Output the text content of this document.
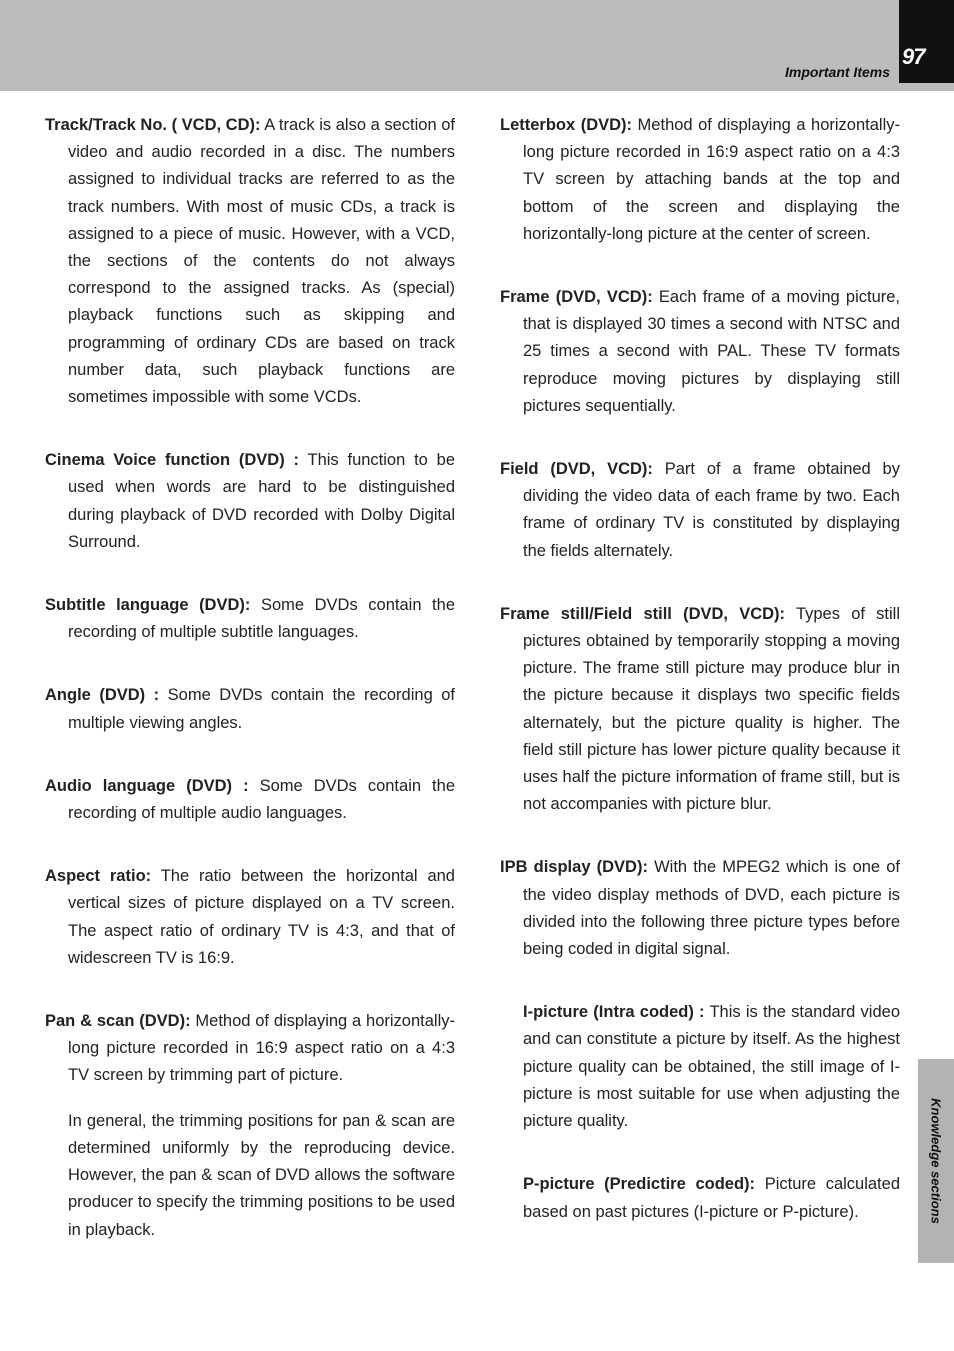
Important Items
97
Knowledge sections

Track/Track No. ( VCD, CD): A track is also a section of video and audio recorded in a disc. The numbers assigned to individual tracks are referred to as the track numbers. With most of music CDs, a track is assigned to a piece of music. However, with a VCD, the sections of the contents do not always correspond to the assigned tracks. As (special) playback functions such as skipping and programming of ordinary CDs are based on track number data, such playback functions are sometimes impossible with some VCDs.

Cinema Voice function (DVD) : This function to be used when words are hard to be distinguished during playback of DVD recorded with Dolby Digital Surround.

Subtitle language (DVD): Some DVDs contain the recording of multiple subtitle languages.

Angle (DVD) : Some DVDs contain the recording of multiple viewing angles.

Audio language (DVD) : Some DVDs contain the recording of multiple audio languages.

Aspect ratio: The ratio between the horizontal and vertical sizes of picture displayed on a TV screen. The aspect ratio of ordinary TV is 4:3, and that of widescreen TV is 16:9.

Pan & scan (DVD): Method of displaying a horizontally-long picture recorded in 16:9 aspect ratio on a 4:3 TV screen by trimming part of picture.

In general, the trimming positions for pan & scan are determined uniformly by the reproducing device. However, the pan & scan of DVD allows the software producer to specify the trimming positions to be used in playback.

Letterbox (DVD): Method of displaying a horizontally-long picture recorded in 16:9 aspect ratio on a 4:3 TV screen by attaching bands at the top and bottom of the screen and displaying the horizontally-long picture at the center of screen.

Frame (DVD, VCD): Each frame of a moving picture, that is displayed 30 times a second with NTSC and 25 times a second with PAL. These TV formats reproduce moving pictures by displaying still pictures sequentially.

Field (DVD, VCD): Part of a frame obtained by dividing the video data of each frame by two. Each frame of ordinary TV is constituted by displaying the fields alternately.

Frame still/Field still (DVD, VCD): Types of still pictures obtained by temporarily stopping a moving picture. The frame still picture may produce blur in the picture because it displays two specific fields alternately, but the picture quality is higher. The field still picture has lower picture quality because it uses half the picture information of frame still, but is not accompanies with picture blur.

IPB display (DVD): With the MPEG2 which is one of the video display methods of DVD, each picture is divided into the following three picture types before being coded in digital signal.

I-picture (Intra coded) : This is the standard video and can constitute a picture by itself. As the highest picture quality can be obtained, the still image of I-picture is most suitable for use when adjusting the picture quality.

P-picture (Predictire coded): Picture calculated based on past pictures (I-picture or P-picture).
